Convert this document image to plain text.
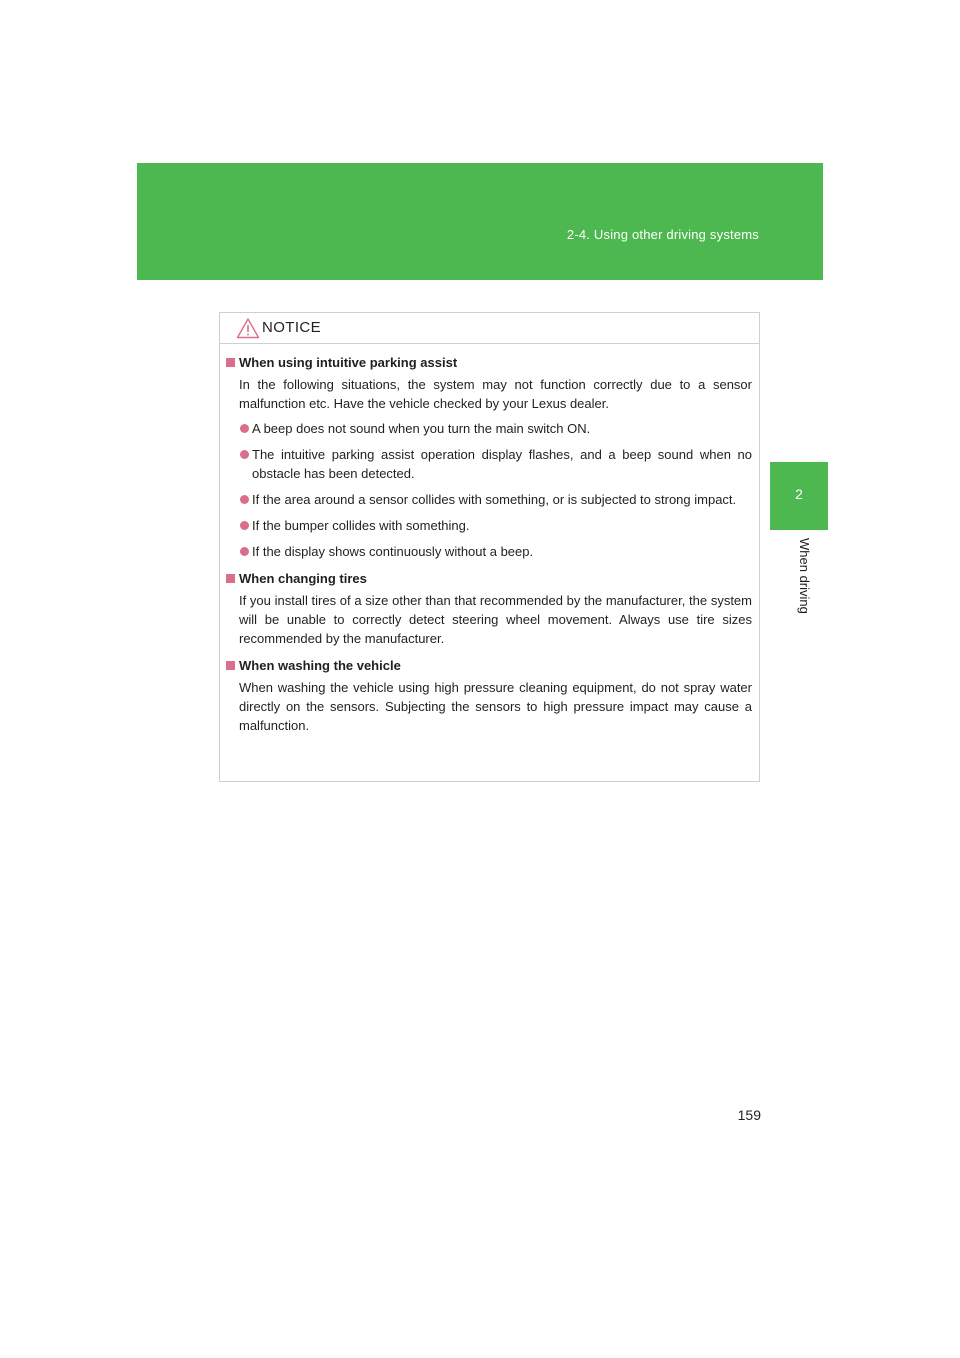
2-4. Using other driving systems
2
When driving
NOTICE
When using intuitive parking assist
In the following situations, the system may not function correctly due to a sensor malfunction etc. Have the vehicle checked by your Lexus dealer.
A beep does not sound when you turn the main switch ON.
The intuitive parking assist operation display flashes, and a beep sound when no obstacle has been detected.
If the area around a sensor collides with something, or is subjected to strong impact.
If the bumper collides with something.
If the display shows continuously without a beep.
When changing tires
If you install tires of a size other than that recommended by the manufacturer, the system will be unable to correctly detect steering wheel movement. Always use tire sizes recommended by the manufacturer.
When washing the vehicle
When washing the vehicle using high pressure cleaning equipment, do not spray water directly on the sensors. Subjecting the sensors to high pressure impact may cause a malfunction.
159
